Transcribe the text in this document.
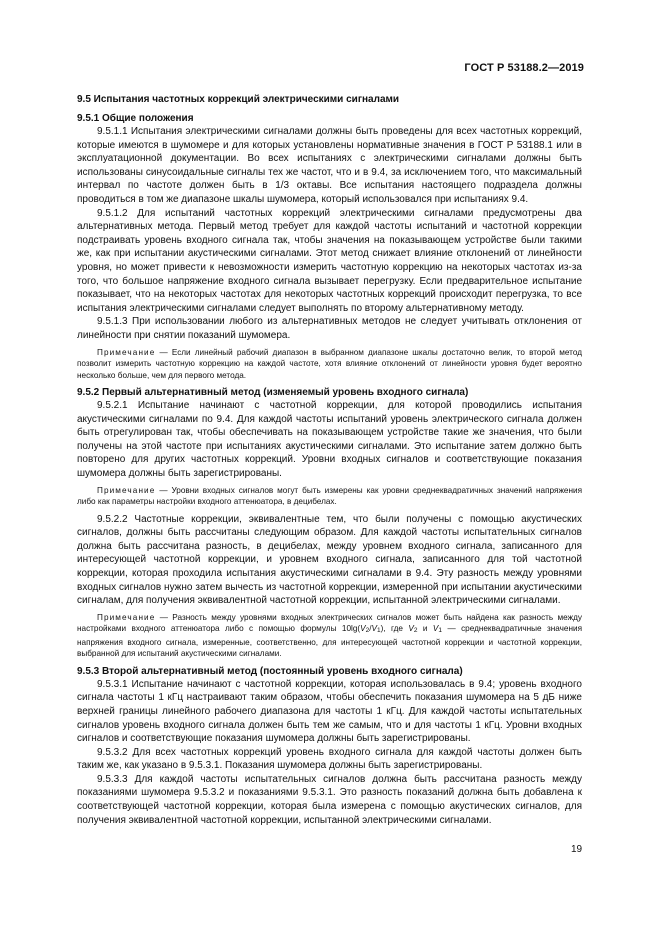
ГОСТ Р 53188.2—2019
9.5 Испытания частотных коррекций электрическими сигналами
9.5.1 Общие положения

9.5.1.1 Испытания электрическими сигналами должны быть проведены для всех частотных коррекций, которые имеются в шумомере и для которых установлены нормативные значения в ГОСТ Р 53188.1 или в эксплуатационной документации. Во всех испытаниях с электрическими сигналами должны быть использованы синусоидальные сигналы тех же частот, что и в 9.4, за исключением того, что максимальный интервал по частоте должен быть в 1/3 октавы. Все испытания настоящего подраздела должны проводиться в том же диапазоне шкалы шумомера, который использовался при испытаниях 9.4.

9.5.1.2 Для испытаний частотных коррекций электрическими сигналами предусмотрены два альтернативных метода. Первый метод требует для каждой частоты испытаний и частотной коррекции подстраивать уровень входного сигнала так, чтобы значения на показывающем устройстве были такими же, как при испытании акустическими сигналами. Этот метод снижает влияние отклонений от линейности уровня, но может привести к невозможности измерить частотную коррекцию на некоторых частотах из-за того, что большое напряжение входного сигнала вызывает перегрузку. Если предварительное испытание показывает, что на некоторых частотах для некоторых частотных коррекций происходит перегрузка, то все испытания электрическими сигналами следует выполнять по второму альтернативному методу.

9.5.1.3 При использовании любого из альтернативных методов не следует учитывать отклонения от линейности при снятии показаний шумомера.

Примечание — Если линейный рабочий диапазон в выбранном диапазоне шкалы достаточно велик, то второй метод позволит измерить частотную коррекцию на каждой частоте, хотя влияние отклонений от линейности уровня будет вероятно несколько больше, чем для первого метода.

9.5.2 Первый альтернативный метод (изменяемый уровень входного сигнала)

9.5.2.1 Испытание начинают с частотной коррекции, для которой проводились испытания акустическими сигналами по 9.4. Для каждой частоты испытаний уровень электрического сигнала должен быть отрегулирован так, чтобы обеспечивать на показывающем устройстве такие же значения, что были получены на этой частоте при испытаниях акустическими сигналами. Это испытание затем должно быть повторено для других частотных коррекций. Уровни входных сигналов и соответствующие показания шумомера должны быть зарегистрированы.

Примечание — Уровни входных сигналов могут быть измерены как уровни среднеквадратичных значений напряжения либо как параметры настройки входного аттенюатора, в децибелах.

9.5.2.2 Частотные коррекции, эквивалентные тем, что были получены с помощью акустических сигналов, должны быть рассчитаны следующим образом. Для каждой частоты испытательных сигналов должна быть рассчитана разность, в децибелах, между уровнем входного сигнала, записанного для интересующей частотной коррекции, и уровнем входного сигнала, записанного для той частотной коррекции, которая проходила испытания акустическими сигналами в 9.4. Эту разность между уровнями входных сигналов нужно затем вычесть из частотной коррекции, измеренной при испытании акустическими сигналам, для получения эквивалентной частотной коррекции, испытанной электрическими сигналами.

Примечание — Разность между уровнями входных электрических сигналов может быть найдена как разность между настройками входного аттенюатора либо с помощью формулы $10\lg(V_2/V_1)$, где $V_2$ и $V_1$ — среднеквадратичные значения напряжения входного сигнала, измеренные, соответственно, для интересующей частотной коррекции и частотной коррекции, выбранной для испытаний акустическими сигналами.

9.5.3 Второй альтернативный метод (постоянный уровень входного сигнала)

9.5.3.1 Испытание начинают с частотной коррекции, которая использовалась в 9.4; уровень входного сигнала частоты 1 кГц настраивают таким образом, чтобы обеспечить показания шумомера на 5 дБ ниже верхней границы линейного рабочего диапазона для частоты 1 кГц. Для каждой частоты испытательных сигналов уровень входного сигнала должен быть тем же самым, что и для частоты 1 кГц. Уровни входных сигналов и соответствующие показания шумомера должны быть зарегистрированы.

9.5.3.2 Для всех частотных коррекций уровень входного сигнала для каждой частоты должен быть таким же, как указано в 9.5.3.1. Показания шумомера должны быть зарегистрированы.

9.5.3.3 Для каждой частоты испытательных сигналов должна быть рассчитана разность между показаниями шумомера 9.5.3.2 и показаниями 9.5.3.1. Это разность показаний должна быть добавлена к соответствующей частотной коррекции, которая была измерена с помощью акустических сигналов, для получения эквивалентной частотной коррекции, испытанной электрическими сигналами.

19
